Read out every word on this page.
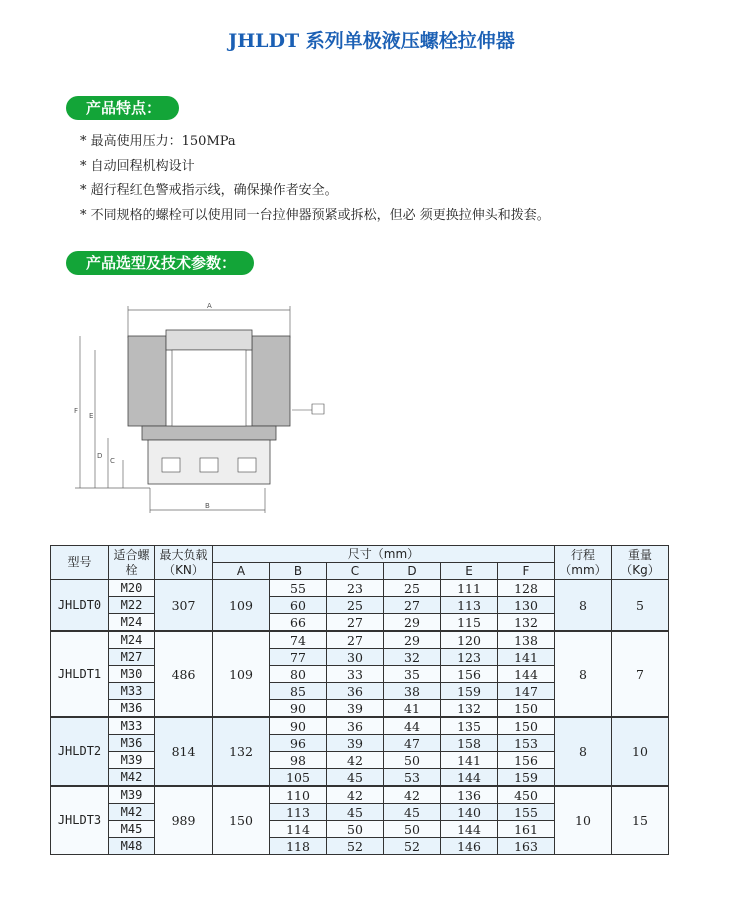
JHLDT 系列单极液压螺栓拉伸器
产品特点：
* 最高使用压力：150MPa
* 自动回程机构设计
* 超行程红色警戒指示线，确保操作者安全。
* 不同规格的螺栓可以使用同一台拉伸器预紧或拆松，但必 须更换拉伸头和拨套。
产品选型及技术参数：
A
B
C
D
E
F
型号	适合螺栓	最大负载（KN）	尺寸（mm）						行程（mm）	重量（Kg）
			A	B	C	D	E	F		
JHLDT0	M20	307	109	55	23	25	111	128	8	5
	M22			60	25	27	113	130		
	M24			66	27	29	115	132		
JHLDT1	M24	486	109	74	27	29	120	138	8	7
	M27			77	30	32	123	141		
	M30			80	33	35	156	144		
	M33			85	36	38	159	147		
	M36			90	39	41	132	150		
JHLDT2	M33	814	132	90	36	44	135	150	8	10
	M36			96	39	47	158	153		
	M39			98	42	50	141	156		
	M42			105	45	53	144	159		
JHLDT3	M39	989	150	110	42	42	136	450	10	15
	M42			113	45	45	140	155		
	M45			114	50	50	144	161		
	M48			118	52	52	146	163		
